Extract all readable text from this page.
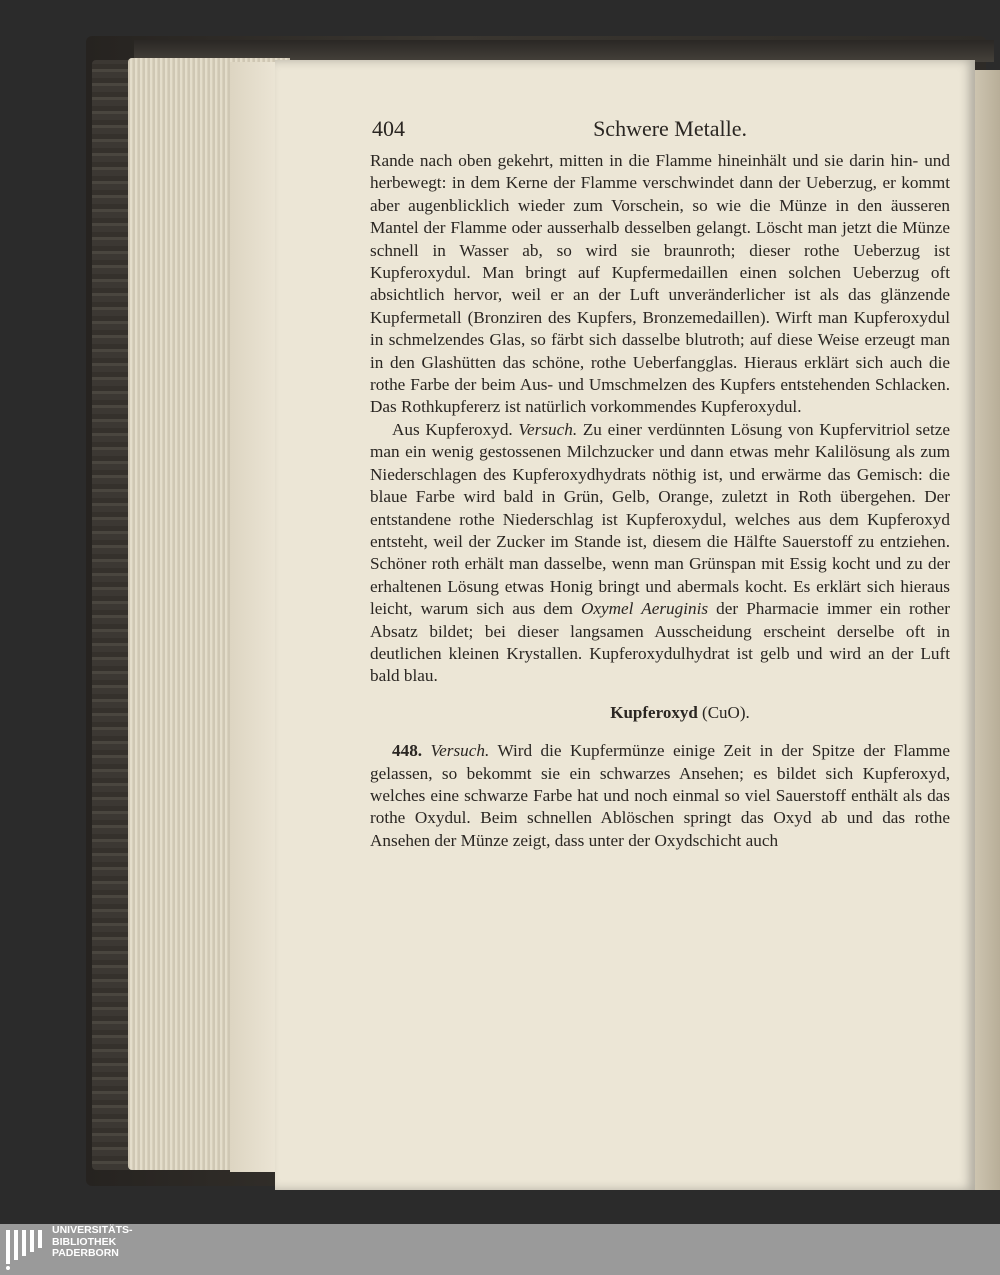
404	Schwere Metalle.

Rande nach oben gekehrt, mitten in die Flamme hineinhält und sie darin hin- und herbewegt: in dem Kerne der Flamme verschwindet dann der Ueberzug, er kommt aber augenblicklich wieder zum Vorschein, so wie die Münze in den äusseren Mantel der Flamme oder ausserhalb desselben gelangt. Löscht man jetzt die Münze schnell in Wasser ab, so wird sie braunroth; dieser rothe Ueberzug ist Kupferoxydul. Man bringt auf Kupfermedaillen einen solchen Ueberzug oft absichtlich hervor, weil er an der Luft unveränderlicher ist als das glänzende Kupfermetall (Bronziren des Kupfers, Bronzemedaillen). Wirft man Kupferoxydul in schmelzendes Glas, so färbt sich dasselbe blutroth; auf diese Weise erzeugt man in den Glashütten das schöne, rothe Ueberfangglas. Hieraus erklärt sich auch die rothe Farbe der beim Aus- und Umschmelzen des Kupfers entstehenden Schlacken. Das Rothkupfererz ist natürlich vorkommendes Kupferoxydul.

Aus Kupferoxyd. Versuch. Zu einer verdünnten Lösung von Kupfervitriol setze man ein wenig gestossenen Milchzucker und dann etwas mehr Kalilösung als zum Niederschlagen des Kupferoxydhydrats nöthig ist, und erwärme das Gemisch: die blaue Farbe wird bald in Grün, Gelb, Orange, zuletzt in Roth übergehen. Der entstandene rothe Niederschlag ist Kupferoxydul, welches aus dem Kupferoxyd entsteht, weil der Zucker im Stande ist, diesem die Hälfte Sauerstoff zu entziehen. Schöner roth erhält man dasselbe, wenn man Grünspan mit Essig kocht und zu der erhaltenen Lösung etwas Honig bringt und abermals kocht. Es erklärt sich hieraus leicht, warum sich aus dem Oxymel Aeruginis der Pharmacie immer ein rother Absatz bildet; bei dieser langsamen Ausscheidung erscheint derselbe oft in deutlichen kleinen Krystallen. Kupferoxydulhydrat ist gelb und wird an der Luft bald blau.

Kupferoxyd (CuO).

448. Versuch. Wird die Kupfermünze einige Zeit in der Spitze der Flamme gelassen, so bekommt sie ein schwarzes Ansehen; es bildet sich Kupferoxyd, welches eine schwarze Farbe hat und noch einmal so viel Sauerstoff enthält als das rothe Oxydul. Beim schnellen Ablöschen springt das Oxyd ab und das rothe Ansehen der Münze zeigt, dass unter der Oxydschicht auch

UNIVERSITÄTS-
BIBLIOTHEK
PADERBORN
